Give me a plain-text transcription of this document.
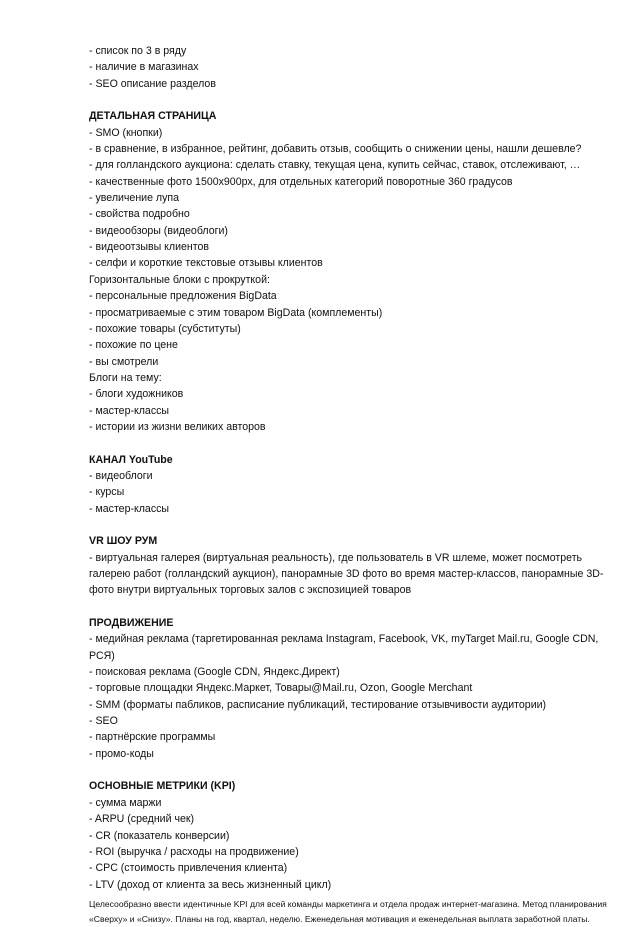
- список по 3 в ряду
- наличие в магазинах
- SEO описание разделов
ДЕТАЛЬНАЯ СТРАНИЦА
- SMO (кнопки)
- в сравнение, в избранное, рейтинг, добавить отзыв, сообщить о снижении цены, нашли дешевле?
- для голландского аукциона: сделать ставку, текущая цена, купить сейчас, ставок, отслеживают, …
- качественные фото 1500х900рх, для отдельных категорий поворотные 360 градусов
- увеличение лупа
- свойства подробно
- видеообзоры (видеоблоги)
- видеоотзывы клиентов
- селфи и короткие текстовые отзывы клиентов
Горизонтальные блоки с прокруткой:
- персональные предложения BigData
- просматриваемые с этим товаром BigData (комплементы)
- похожие товары (субституты)
- похожие по цене
- вы смотрели
Блоги на тему:
- блоги художников
- мастер-классы
- истории из жизни великих авторов
КАНАЛ YouTube
- видеоблоги
- курсы
- мастер-классы
VR ШОУ РУМ
- виртуальная галерея (виртуальная реальность), где пользователь в VR шлеме, может посмотреть галерею работ (голландский аукцион), панорамные 3D фото во время мастер-классов, панорамные 3D-фото внутри виртуальных торговых залов с экспозицией товаров
ПРОДВИЖЕНИЕ
- медийная реклама (таргетированная реклама Instagram, Facebook, VK, myTarget Mail.ru, Google CDN, РСЯ)
- поисковая реклама (Google CDN, Яндекс.Директ)
- торговые площадки Яндекс.Маркет, Товары@Mail.ru, Ozon, Google Merchant
- SMM (форматы пабликов, расписание публикаций, тестирование отзывчивости аудитории)
- SEO
- партнёрские программы
- промо-коды
ОСНОВНЫЕ МЕТРИКИ (KPI)
- сумма маржи
- ARPU (средний чек)
- CR (показатель конверсии)
- ROI (выручка / расходы на продвижение)
- CPC (стоимость привлечения клиента)
- LTV (доход от клиента за весь жизненный цикл)
Целесообразно ввести идентичные KPI для всей команды маркетинга и отдела продаж интернет-магазина. Метод планирования «Сверху» и «Снизу». Планы на год, квартал, неделю. Еженедельная мотивация и еженедельная выплата заработной платы.
